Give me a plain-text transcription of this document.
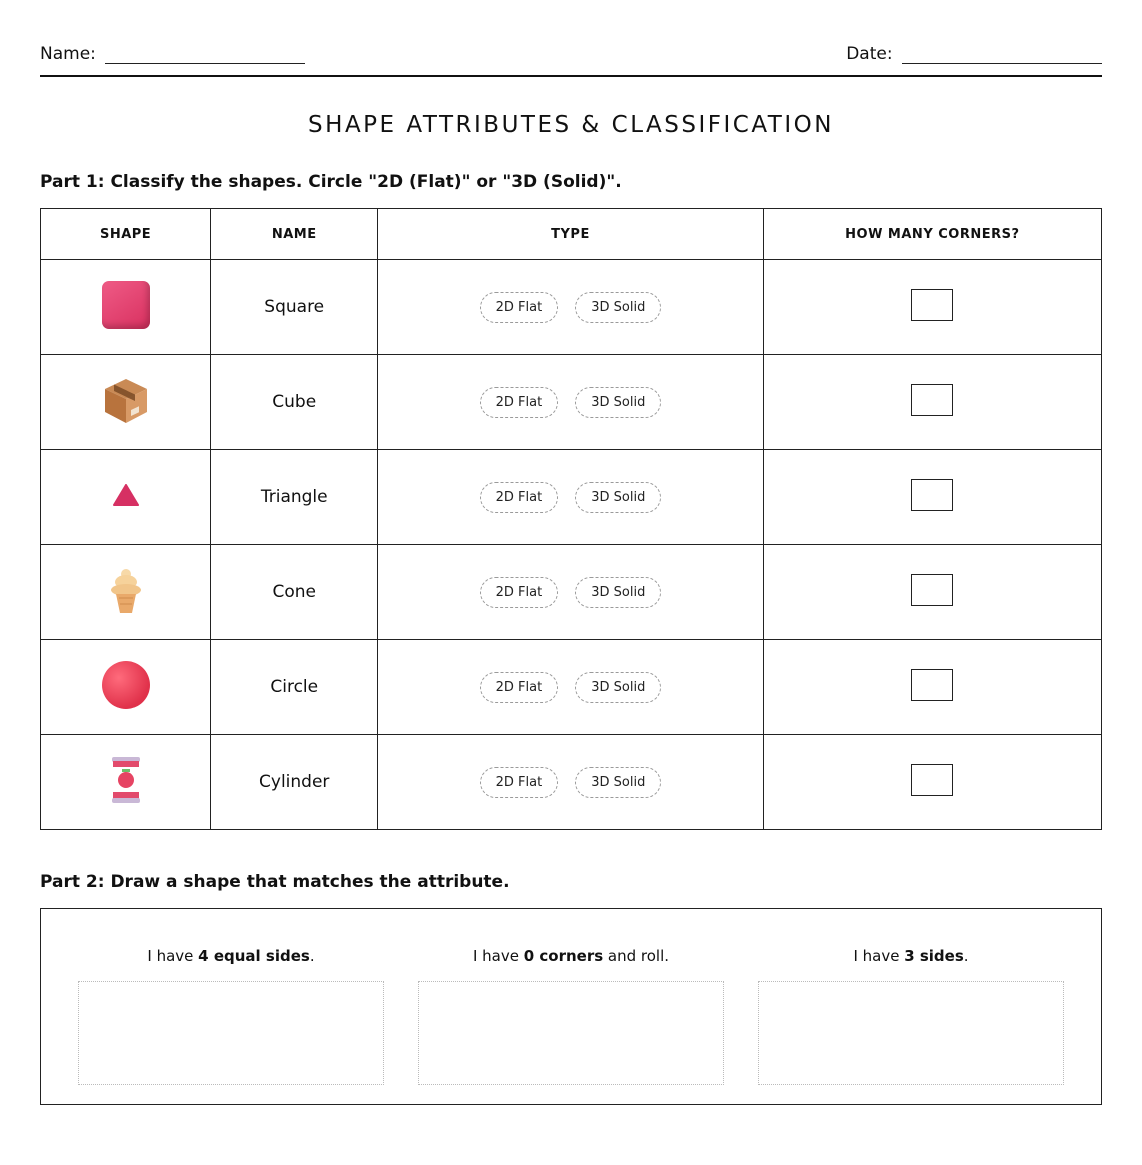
Name:	Date:
SHAPE ATTRIBUTES & CLASSIFICATION

Part 1: Classify the shapes. Circle "2D (Flat)" or "3D (Solid)".

SHAPE	NAME	TYPE	HOW MANY CORNERS?
	Square	2D Flat 3D Solid	
	Cube	2D Flat 3D Solid	
	Triangle	2D Flat 3D Solid	
	Cone	2D Flat 3D Solid	
	Circle	2D Flat 3D Solid	
	Cylinder	2D Flat 3D Solid	

Part 2: Draw a shape that matches the attribute.

I have 4 equal sides.	I have 0 corners and roll.	I have 3 sides.
